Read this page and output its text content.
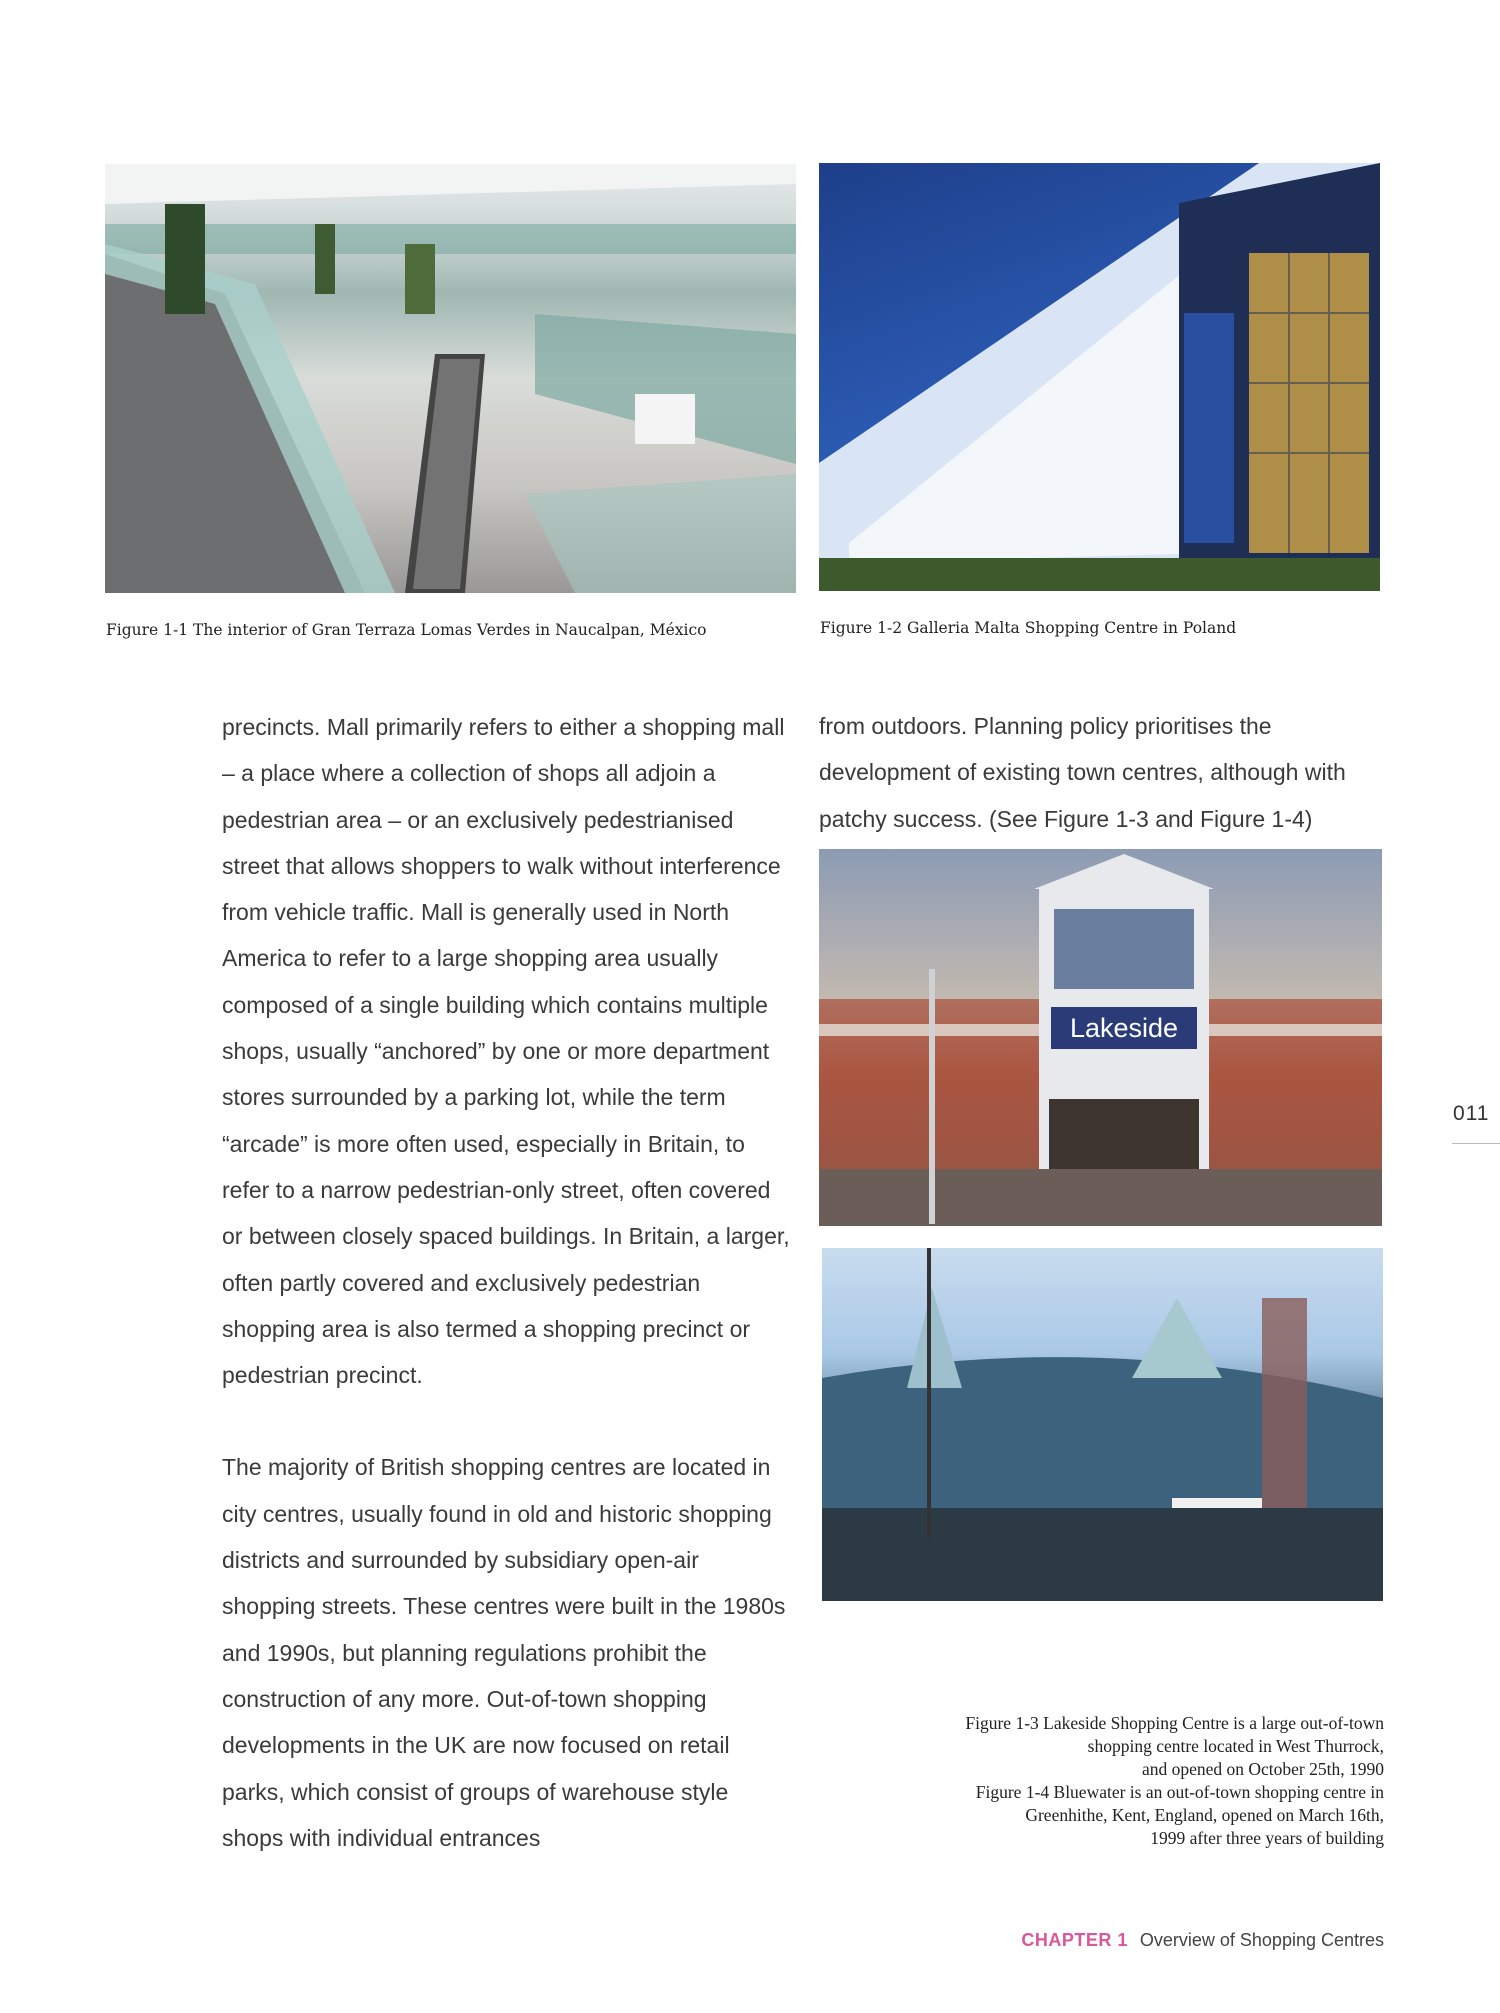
Figure 1-1 The interior of Gran Terraza Lomas Verdes in Naucalpan, México	Figure 1-2 Galleria Malta Shopping Centre in Poland

precincts. Mall primarily refers to either a shopping mall – a place where a collection of shops all adjoin a pedestrian area – or an exclusively pedestrianised street that allows shoppers to walk without interference from vehicle traffic. Mall is generally used in North America to refer to a large shopping area usually composed of a single building which contains multiple shops, usually “anchored” by one or more department stores surrounded by a parking lot, while the term “arcade” is more often used, especially in Britain, to refer to a narrow pedestrian-only street, often covered or between closely spaced buildings. In Britain, a larger, often partly covered and exclusively pedestrian shopping area is also termed a shopping precinct or pedestrian precinct.

The majority of British shopping centres are located in city centres, usually found in old and historic shopping districts and surrounded by subsidiary open-air shopping streets. These centres were built in the 1980s and 1990s, but planning regulations prohibit the construction of any more. Out-of-town shopping developments in the UK are now focused on retail parks, which consist of groups of warehouse style shops with individual entrances

from outdoors. Planning policy prioritises the development of existing town centres, although with patchy success. (See Figure 1-3 and Figure 1-4)

Lakeside
Figure 1-3 Lakeside Shopping Centre is a large out-of-town
shopping centre located in West Thurrock,
and opened on October 25th, 1990
Figure 1-4 Bluewater is an out-of-town shopping centre in
Greenhithe, Kent, England, opened on March 16th,
1999 after three years of building
011
CHAPTER 1 Overview of Shopping Centres
